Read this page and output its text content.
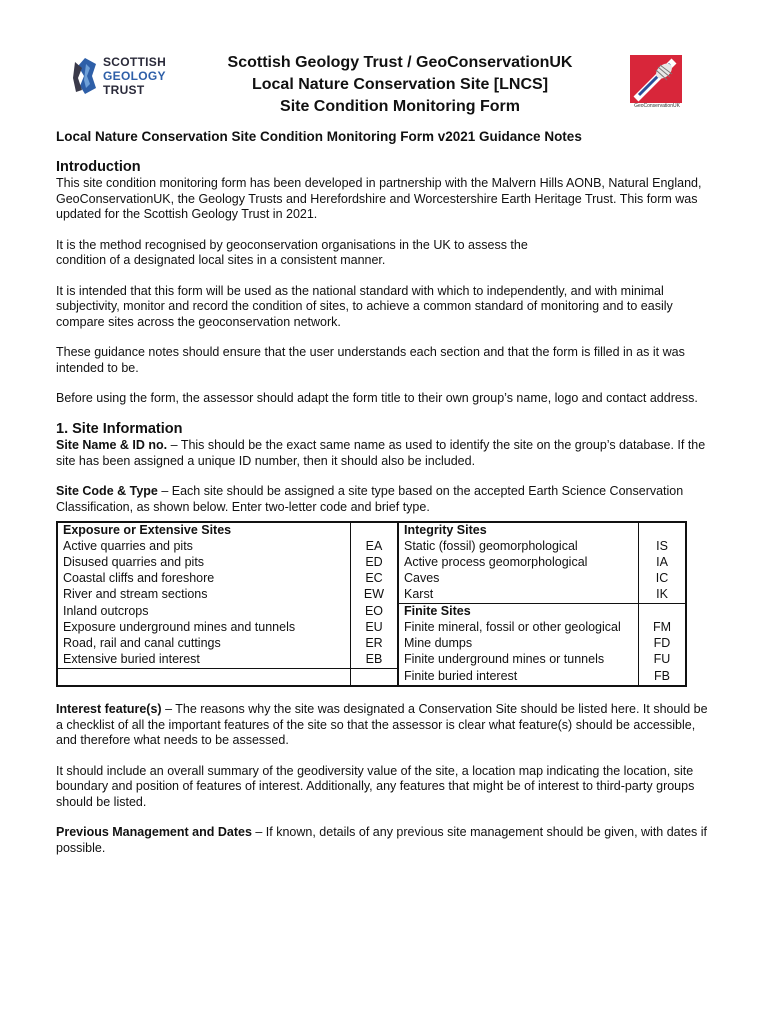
SCOTTISH
GEOLOGY
TRUST
Scottish Geology Trust / GeoConservationUK
Local Nature Conservation Site [LNCS]
Site Condition Monitoring Form	GeoConservationUK
Local Nature Conservation Site Condition Monitoring Form v2021 Guidance Notes
Introduction

This site condition monitoring form has been developed in partnership with the Malvern Hills AONB, Natural England, GeoConservationUK, the Geology Trusts and Herefordshire and Worcestershire Earth Heritage Trust. This form was updated for the Scottish Geology Trust in 2021.

It is the method recognised by geoconservation organisations in the UK to assess the condition of a designated local sites in a consistent manner.

It is intended that this form will be used as the national standard with which to independently, and with minimal subjectivity, monitor and record the condition of sites, to achieve a common standard of monitoring and to easily compare sites across the geoconservation network.

These guidance notes should ensure that the user understands each section and that the form is filled in as it was intended to be.

Before using the form, the assessor should adapt the form title to their own group’s name, logo and contact address.

1. Site Information

Site Name & ID no. – This should be the exact same name as used to identify the site on the group’s database. If the site has been assigned a unique ID number, then it should also be included.

Site Code & Type – Each site should be assigned a site type based on the accepted Earth Science Conservation Classification, as shown below. Enter two-letter code and brief type.

Exposure or Extensive Sites		Integrity Sites	
Active quarries and pits	EA	Static (fossil) geomorphological	IS
Disused quarries and pits	ED	Active process geomorphological	IA
Coastal cliffs and foreshore	EC	Caves	IC
River and stream sections	EW	Karst	IK
Inland outcrops	EO	Finite Sites	
Exposure underground mines and tunnels	EU	Finite mineral, fossil or other geological	FM
Road, rail and canal cuttings	ER	Mine dumps	FD
Extensive buried interest	EB	Finite underground mines or tunnels	FU
		Finite buried interest	FB

Interest feature(s) – The reasons why the site was designated a Conservation Site should be listed here. It should be a checklist of all the important features of the site so that the assessor is clear what feature(s) should be accessible, and therefore what needs to be assessed.

It should include an overall summary of the geodiversity value of the site, a location map indicating the location, site boundary and position of features of interest. Additionally, any features that might be of interest to third-party groups should be listed.

Previous Management and Dates – If known, details of any previous site management should be given, with dates if possible.
